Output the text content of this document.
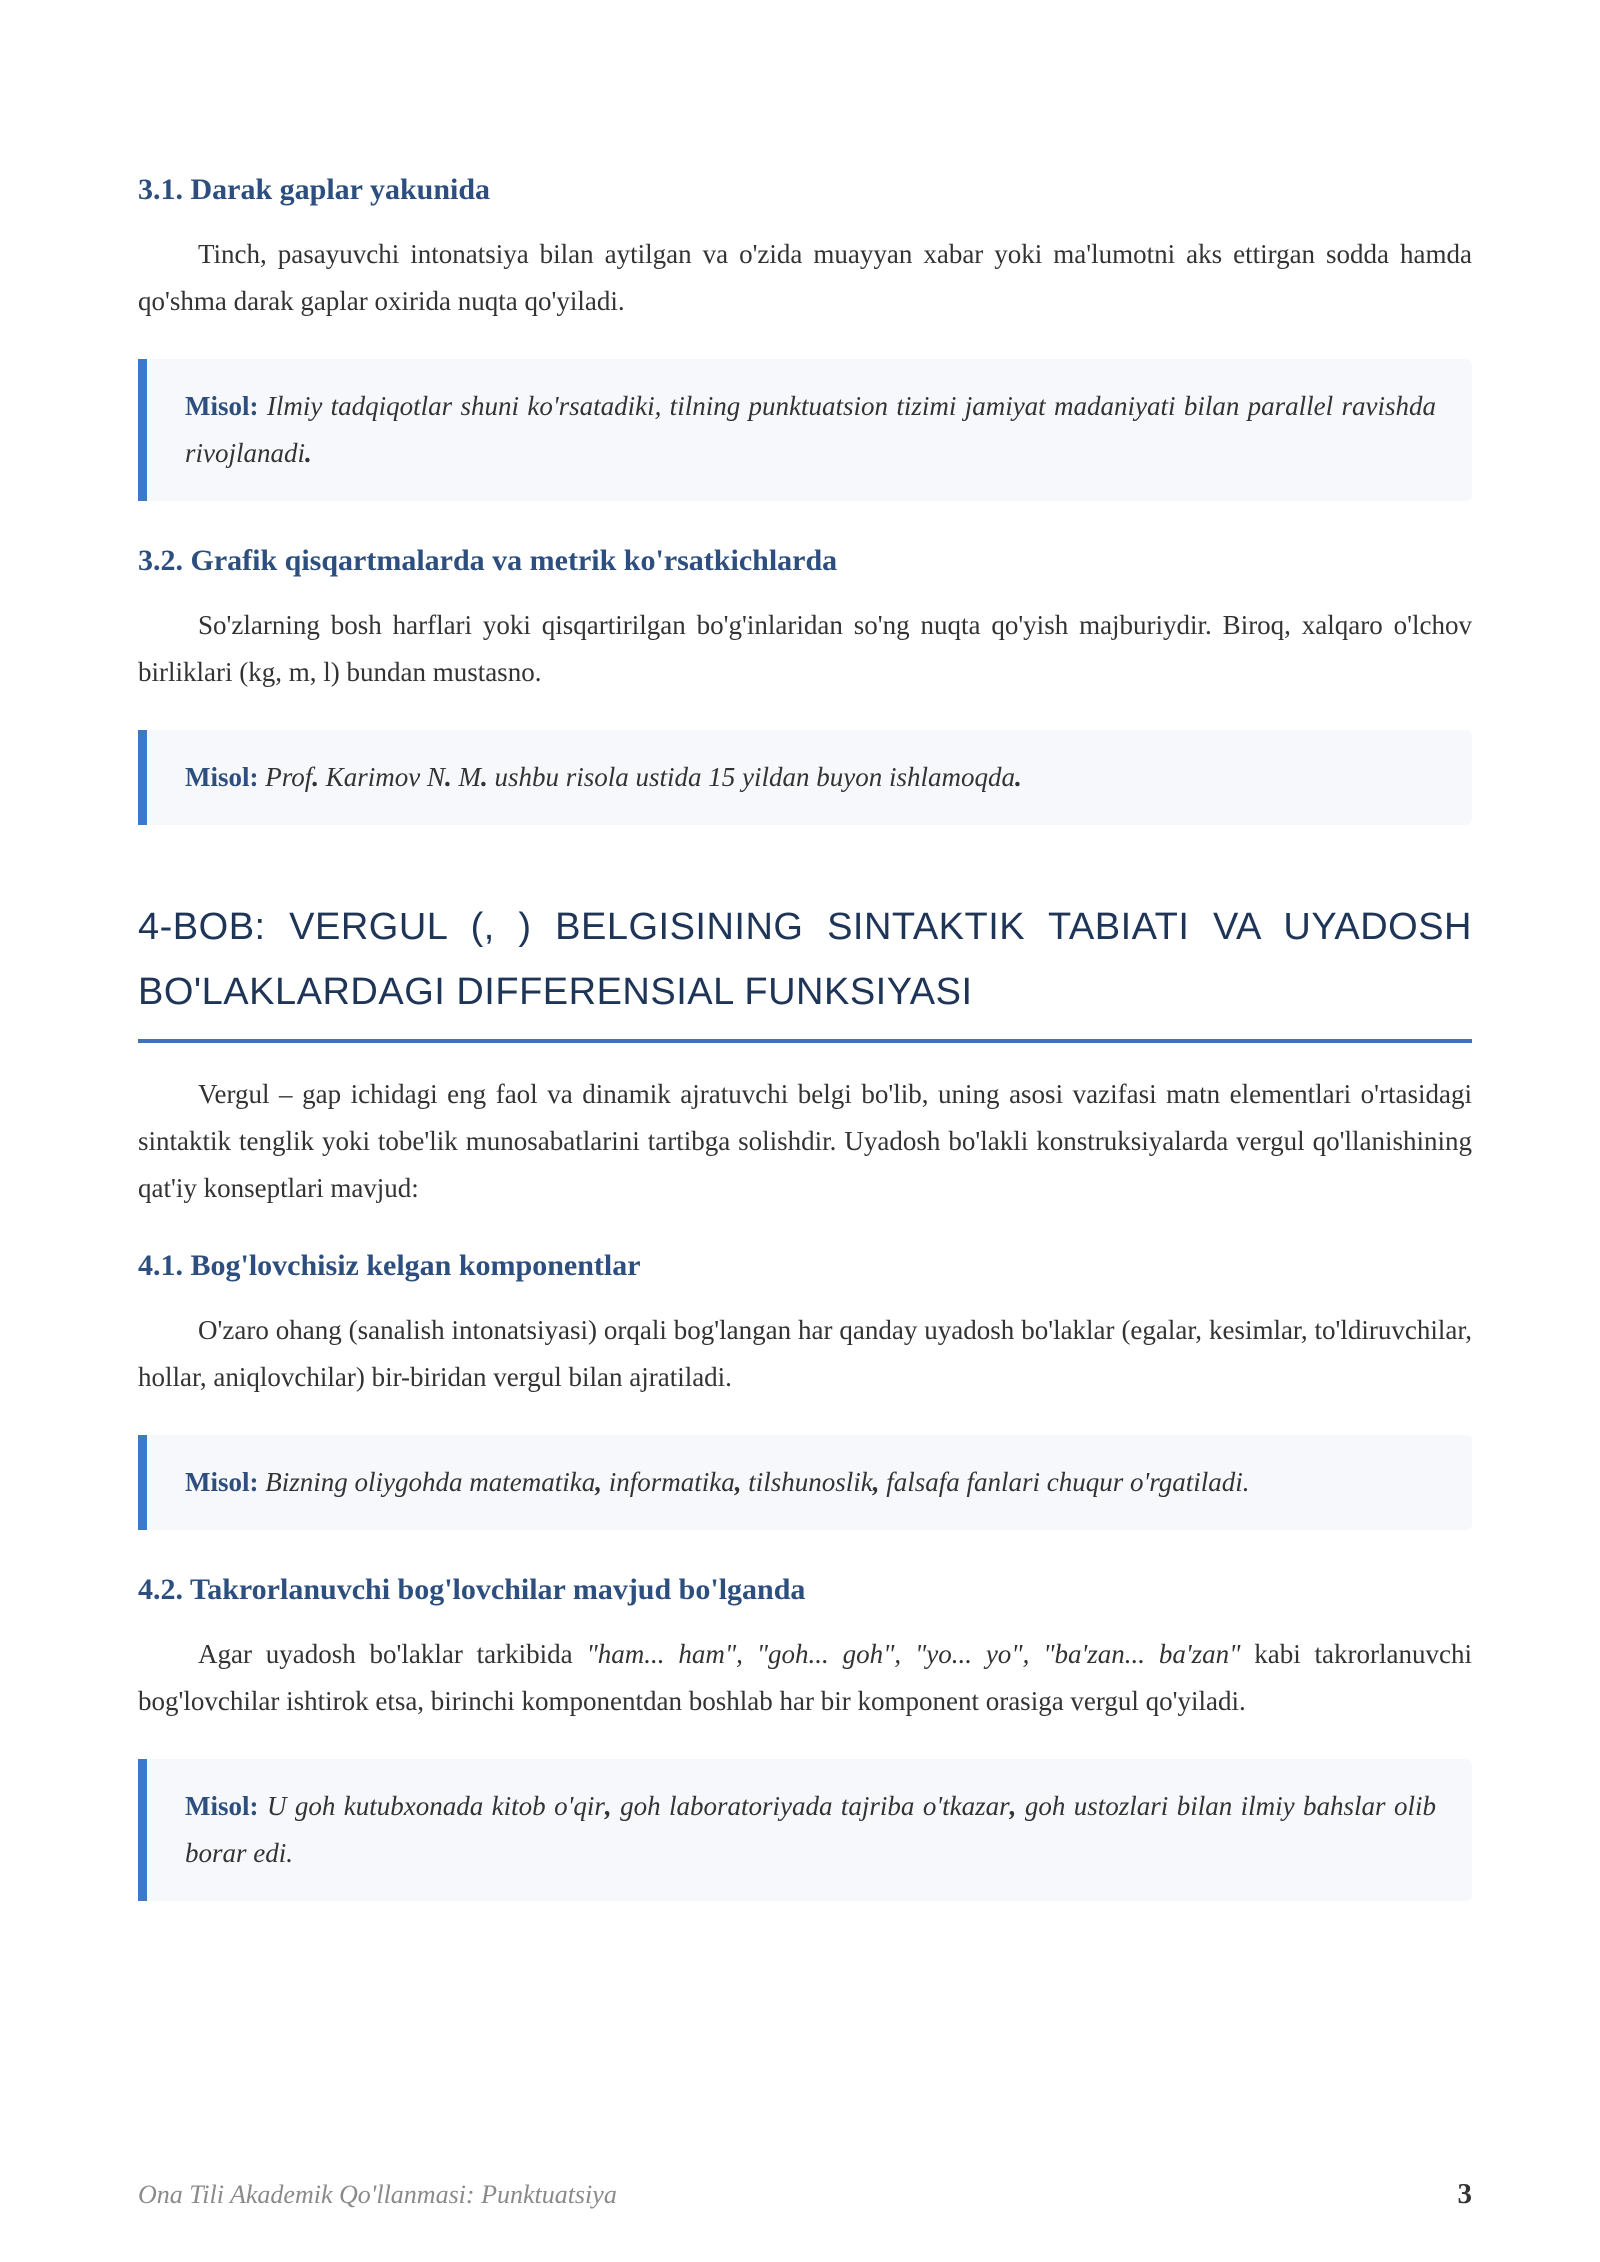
3.1. Darak gaplar yakunida

Tinch, pasayuvchi intonatsiya bilan aytilgan va o'zida muayyan xabar yoki ma'lumotni aks ettirgan sodda hamda qo'shma darak gaplar oxirida nuqta qo'yiladi.

Misol: Ilmiy tadqiqotlar shuni ko'rsatadiki, tilning punktuatsion tizimi jamiyat madaniyati bilan parallel ravishda rivojlanadi.
3.2. Grafik qisqartmalarda va metrik ko'rsatkichlarda

So'zlarning bosh harflari yoki qisqartirilgan bo'g'inlaridan so'ng nuqta qo'yish majburiydir. Biroq, xalqaro o'lchov birliklari (kg, m, l) bundan mustasno.

Misol: Prof. Karimov N. M. ushbu risola ustida 15 yildan buyon ishlamoqda.
4-BOB: VERGUL (, ) BELGISINING SINTAKTIK TABIATI VA UYADOSH BO'LAKLARDAGI DIFFERENSIAL FUNKSIYASI

Vergul – gap ichidagi eng faol va dinamik ajratuvchi belgi bo'lib, uning asosi vazifasi matn elementlari o'rtasidagi sintaktik tenglik yoki tobe'lik munosabatlarini tartibga solishdir. Uyadosh bo'lakli konstruksiyalarda vergul qo'llanishining qat'iy konseptlari mavjud:

4.1. Bog'lovchisiz kelgan komponentlar

O'zaro ohang (sanalish intonatsiyasi) orqali bog'langan har qanday uyadosh bo'laklar (egalar, kesimlar, to'ldiruvchilar, hollar, aniqlovchilar) bir-biridan vergul bilan ajratiladi.

Misol: Bizning oliygohda matematika, informatika, tilshunoslik, falsafa fanlari chuqur o'rgatiladi.
4.2. Takrorlanuvchi bog'lovchilar mavjud bo'lganda

Agar uyadosh bo'laklar tarkibida "ham... ham", "goh... goh", "yo... yo", "ba'zan... ba'zan" kabi takrorlanuvchi bog'lovchilar ishtirok etsa, birinchi komponentdan boshlab har bir komponent orasiga vergul qo'yiladi.

Misol: U goh kutubxonada kitob o'qir, goh laboratoriyada tajriba o'tkazar, goh ustozlari bilan ilmiy bahslar olib borar edi.
Ona Tili Akademik Qo'llanmasi: Punktuatsiya	3
